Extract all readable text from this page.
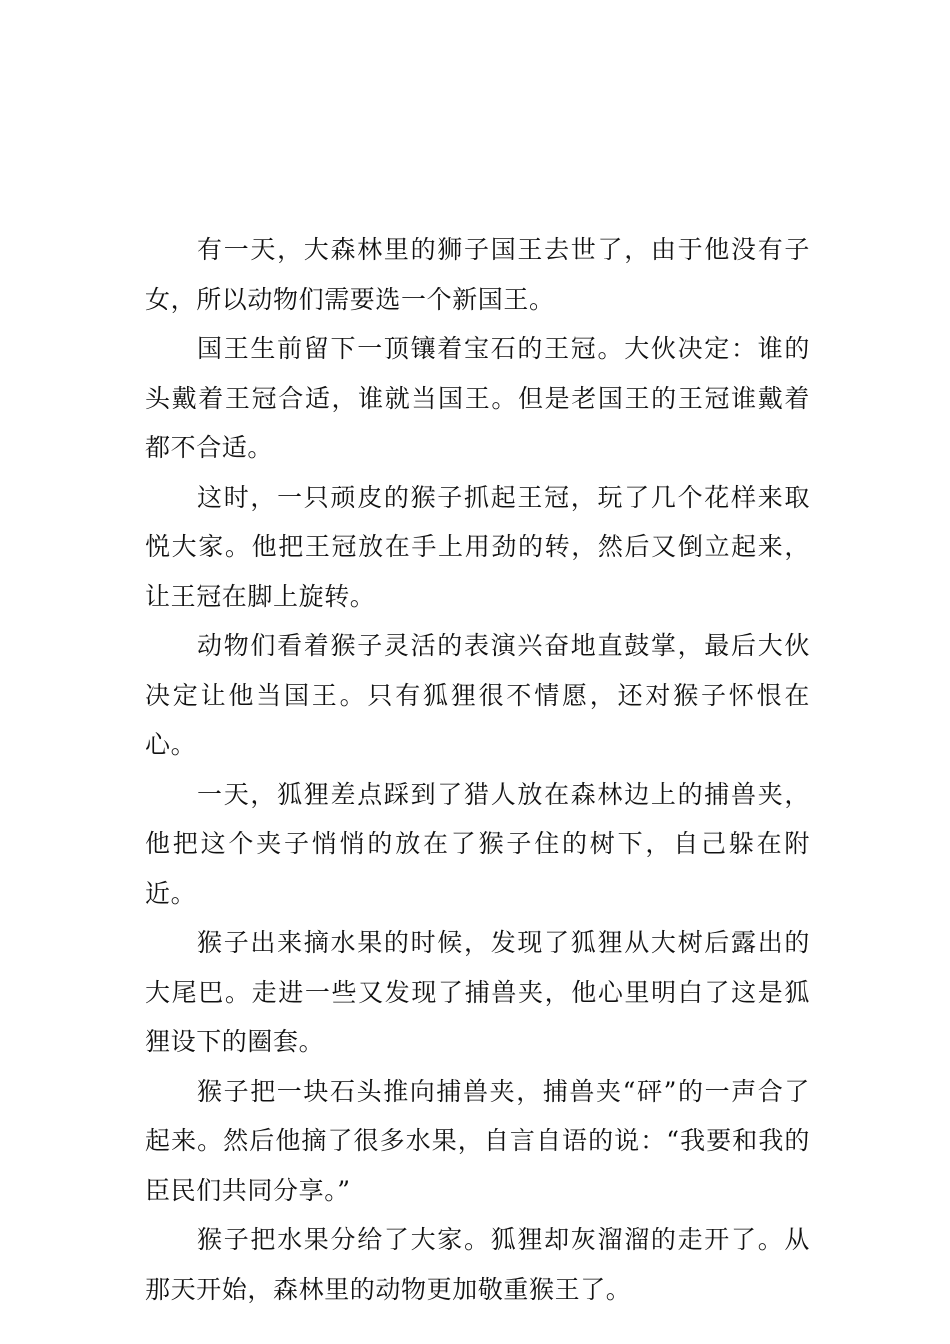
有一天，大森林里的狮子国王去世了，由于他没有子女，所以动物们需要选一个新国王。

国王生前留下一顶镶着宝石的王冠。大伙决定：谁的头戴着王冠合适，谁就当国王。但是老国王的王冠谁戴着都不合适。

这时，一只顽皮的猴子抓起王冠，玩了几个花样来取悦大家。他把王冠放在手上用劲的转，然后又倒立起来，让王冠在脚上旋转。

动物们看着猴子灵活的表演兴奋地直鼓掌，最后大伙决定让他当国王。只有狐狸很不情愿，还对猴子怀恨在心。

一天，狐狸差点踩到了猎人放在森林边上的捕兽夹，他把这个夹子悄悄的放在了猴子住的树下，自己躲在附近。

猴子出来摘水果的时候，发现了狐狸从大树后露出的大尾巴。走进一些又发现了捕兽夹，他心里明白了这是狐狸设下的圈套。

猴子把一块石头推向捕兽夹，捕兽夹“砰”的一声合了起来。然后他摘了很多水果，自言自语的说：“我要和我的臣民们共同分享。”

猴子把水果分给了大家。狐狸却灰溜溜的走开了。从那天开始，森林里的动物更加敬重猴王了。
